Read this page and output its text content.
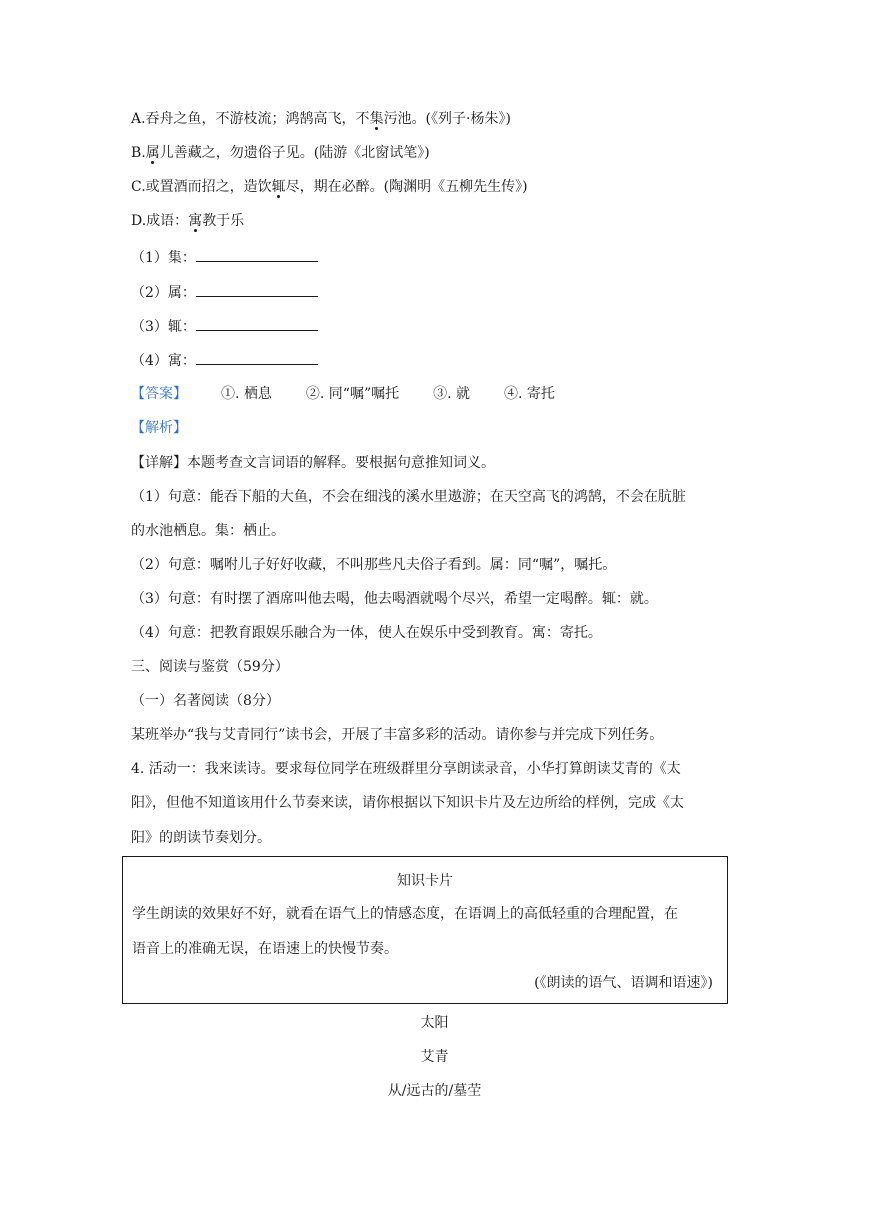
A.吞舟之鱼，不游枝流；鸿鹄高飞，不集污池。(《列子·杨朱》)
B.属儿善藏之，勿遗俗子见。(陆游《北窗试笔》)
C.或置酒而招之，造饮辄尽，期在必醉。(陶渊明《五柳先生传》)
D.成语：寓教于乐
（1）集：
（2）属：
（3）辄：
（4）寓：
【答案】 ①. 栖息 ②. 同“嘱”嘱托 ③. 就 ④. 寄托
【解析】
【详解】本题考查文言词语的解释。要根据句意推知词义。
（1）句意：能吞下船的大鱼，不会在细浅的溪水里遨游；在天空高飞的鸿鹄，不会在肮脏
的水池栖息。集：栖止。
（2）句意：嘱咐儿子好好收藏，不叫那些凡夫俗子看到。属：同“嘱”，嘱托。
（3）句意：有时摆了酒席叫他去喝，他去喝酒就喝个尽兴，希望一定喝醉。辄：就。
（4）句意：把教育跟娱乐融合为一体，使人在娱乐中受到教育。寓：寄托。
三、阅读与鉴赏（59分）
（一）名著阅读（8分）
某班举办“我与艾青同行”读书会，开展了丰富多彩的活动。请你参与并完成下列任务。
4. 活动一：我来读诗。要求每位同学在班级群里分享朗读录音，小华打算朗读艾青的《太
阳》，但他不知道该用什么节奏来读，请你根据以下知识卡片及左边所给的样例，完成《太
阳》的朗读节奏划分。
知识卡片
学生朗读的效果好不好，就看在语气上的情感态度，在语调上的高低轻重的合理配置，在
语音上的准确无误，在语速上的快慢节奏。
(《朗读的语气、语调和语速》)
太阳
艾青
从/远古的/墓茔
